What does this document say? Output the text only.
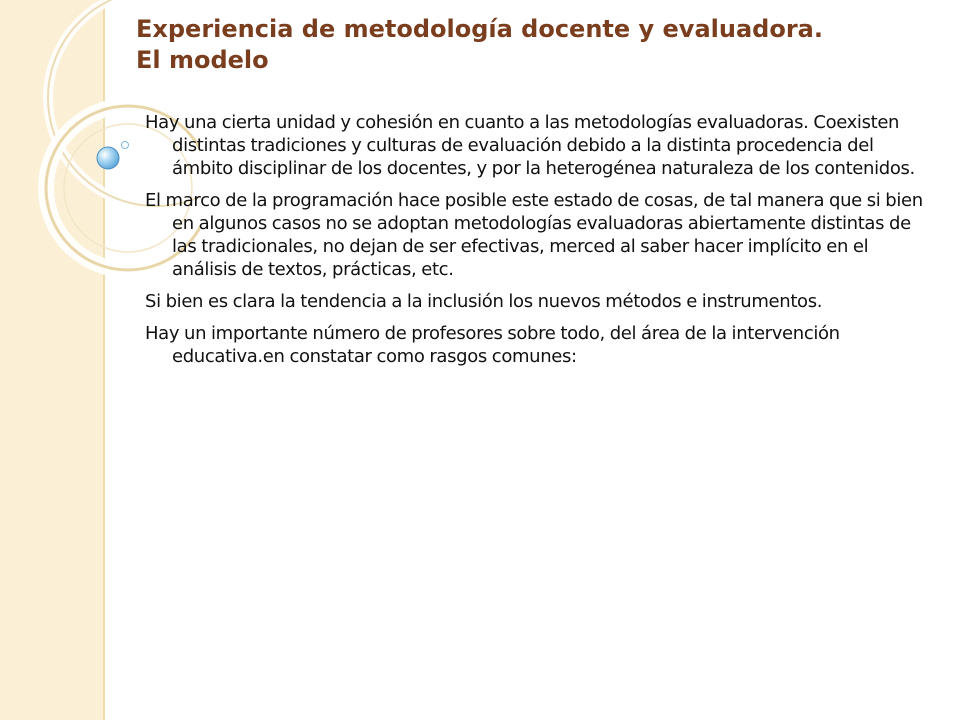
Experiencia de metodología docente y evaluadora.
El modelo
Hay una cierta unidad y cohesión en cuanto a las metodologías evaluadoras. Coexisten distintas tradiciones y culturas de evaluación debido a la distinta procedencia del ámbito disciplinar de los docentes, y por la heterogénea naturaleza de los contenidos.
El marco de la programación hace posible este estado de cosas, de tal manera que si bien en algunos casos no se adoptan metodologías evaluadoras abiertamente distintas de las tradicionales, no dejan de ser efectivas, merced al saber hacer implícito en el análisis de textos, prácticas, etc.
Si bien es clara la tendencia a la inclusión los nuevos métodos e instrumentos.
Hay un importante número de profesores sobre todo, del área de la intervención educativa.en constatar como rasgos comunes:
